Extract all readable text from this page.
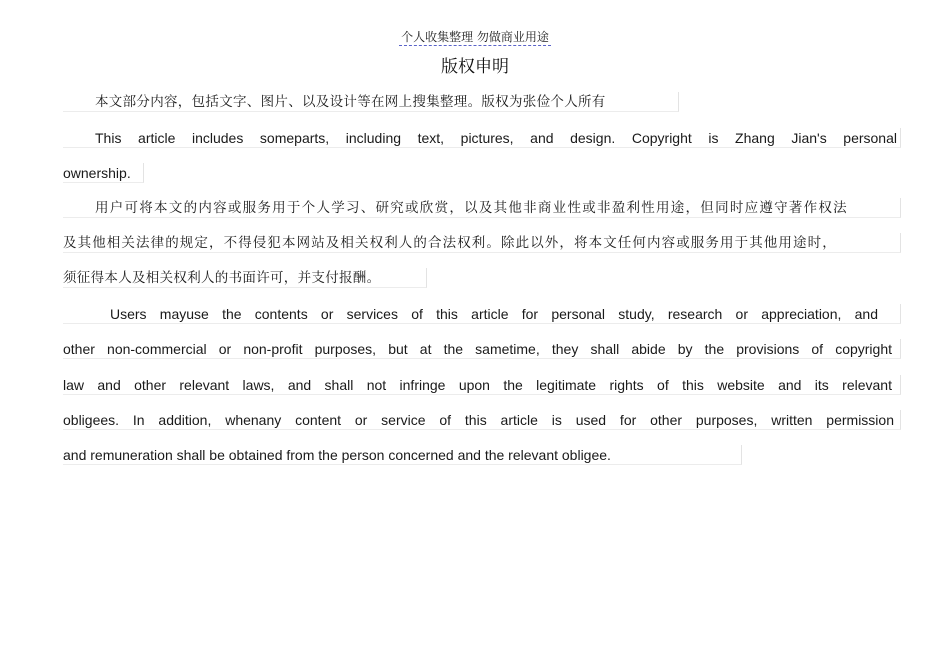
个人收集整理 勿做商业用途
版权申明
本文部分内容，包括文字、图片、以及设计等在网上搜集整理。版权为张俭个人所有
This article includes someparts, including text, pictures, and design. Copyright is Zhang Jian's personal
ownership.
用户可将本文的内容或服务用于个人学习、研究或欣赏，以及其他非商业性或非盈利性用途，但同时应遵守著作权法
及其他相关法律的规定，不得侵犯本网站及相关权利人的合法权利。除此以外，将本文任何内容或服务用于其他用途时，
须征得本人及相关权利人的书面许可，并支付报酬。
Users mayuse the contents or services of this article for personal study, research or appreciation, and
other non-commercial or non-profit purposes, but at the sametime, they shall abide by the provisions of copyright
law and other relevant laws, and shall not infringe upon the legitimate rights of this website and its relevant
obligees. In addition, whenany content or service of this article is used for other purposes, written permission
and remuneration shall be obtained from the person concerned and the relevant obligee.
